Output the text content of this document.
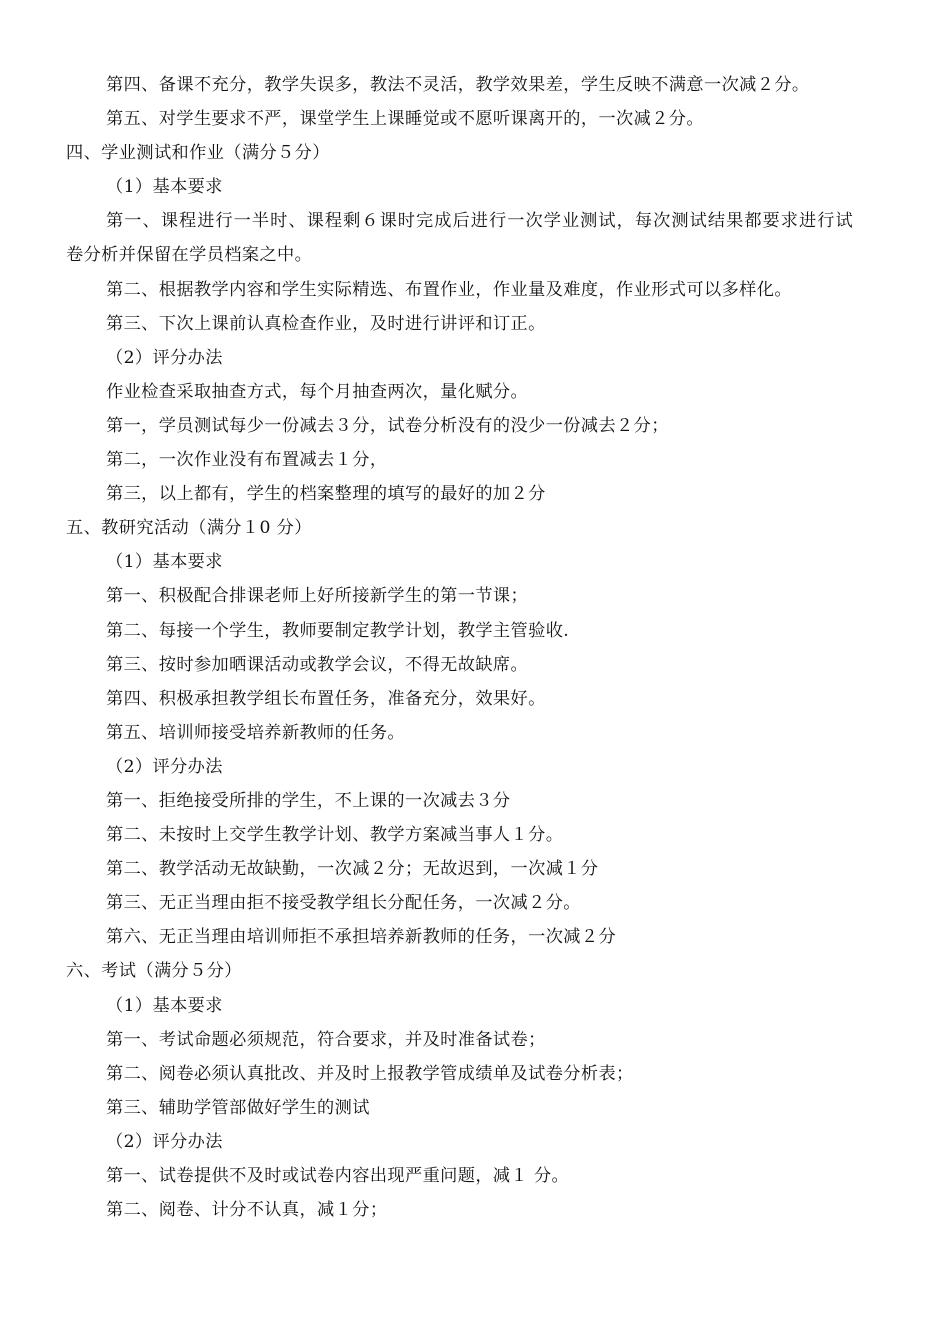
第四、备课不充分，教学失误多，教法不灵活，教学效果差，学生反映不满意一次减２分。
第五、对学生要求不严，课堂学生上课睡觉或不愿听课离开的，一次减２分。
四、学业测试和作业（满分５分）
（1）基本要求
第一、课程进行一半时、课程剩６课时完成后进行一次学业测试，每次测试结果都要求进行试
卷分析并保留在学员档案之中。
第二、根据教学内容和学生实际精选、布置作业，作业量及难度，作业形式可以多样化。
第三、下次上课前认真检查作业，及时进行讲评和订正。
（2）评分办法
作业检查采取抽查方式，每个月抽查两次，量化赋分。
第一，学员测试每少一份减去３分，试卷分析没有的没少一份减去２分；
第二，一次作业没有布置减去１分，
第三，以上都有，学生的档案整理的填写的最好的加２分
五、教研究活动（满分１0 分）
（1）基本要求
第一、积极配合排课老师上好所接新学生的第一节课；
第二、每接一个学生，教师要制定教学计划，教学主管验收.
第三、按时参加晒课活动或教学会议，不得无故缺席。
第四、积极承担教学组长布置任务，准备充分，效果好。
第五、培训师接受培养新教师的任务。
（2）评分办法
第一、拒绝接受所排的学生，不上课的一次减去３分
第二、未按时上交学生教学计划、教学方案减当事人１分。
第二、教学活动无故缺勤，一次减２分；无故迟到，一次减１分
第三、无正当理由拒不接受教学组长分配任务，一次减２分。
第六、无正当理由培训师拒不承担培养新教师的任务，一次减２分
六、考试（满分５分）
（1）基本要求
第一、考试命题必须规范，符合要求，并及时准备试卷；
第二、阅卷必须认真批改、并及时上报教学管成绩单及试卷分析表；
第三、辅助学管部做好学生的测试
（2）评分办法
第一、试卷提供不及时或试卷内容出现严重问题，减１ 分。
第二、阅卷、计分不认真，减１分；
